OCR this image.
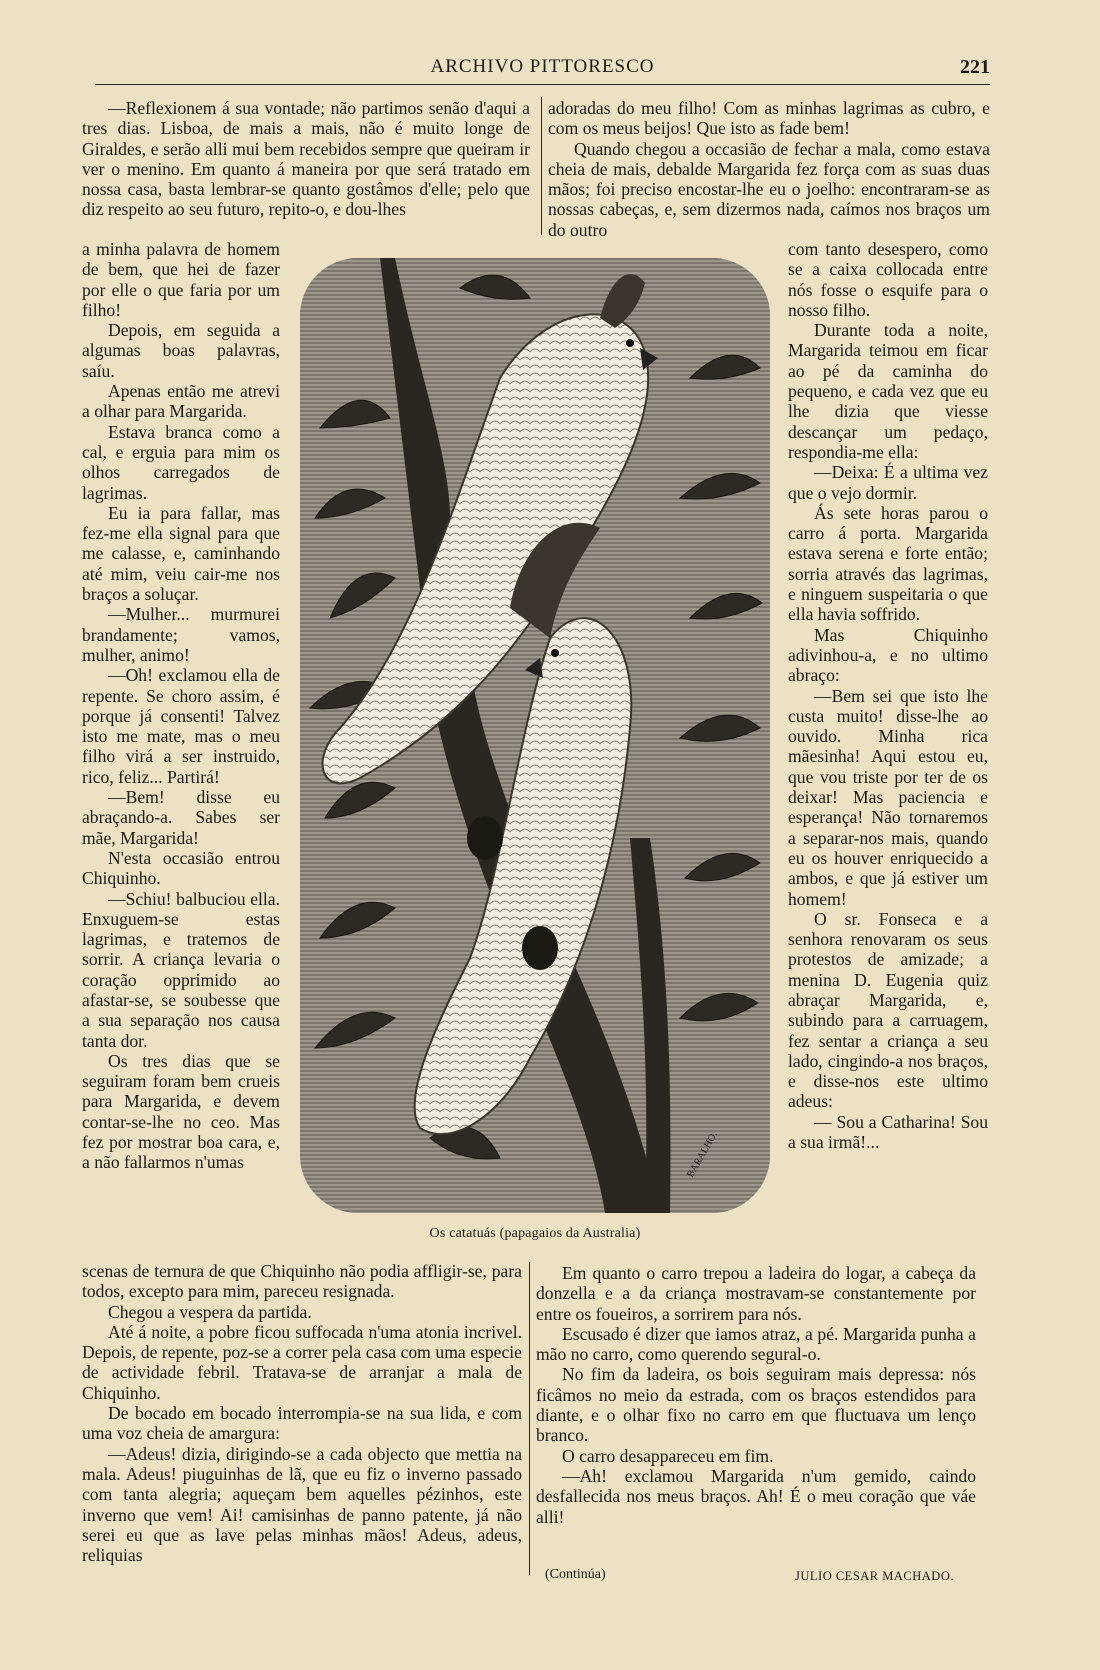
ARCHIVO PITTORESCO	221

—Reflexionem á sua vontade; não partimos senão d'aqui a tres dias. Lisboa, de mais a mais, não é muito longe de Giraldes, e serão alli mui bem recebidos sempre que queiram ir ver o menino. Em quanto á maneira por que será tratado em nossa casa, basta lembrar-se quanto gostâmos d'elle; pelo que diz respeito ao seu futuro, repito-o, e dou-lhes

a minha palavra de homem de bem, que hei de fazer por elle o que faria por um filho!

Depois, em seguida a algumas boas palavras, saíu.

Apenas então me atrevi a olhar para Margarida.

Estava branca como a cal, e erguia para mim os olhos carregados de lagrimas.

Eu ia para fallar, mas fez-me ella signal para que me calasse, e, caminhando até mim, veiu cair-me nos braços a soluçar.

—Mulher... murmurei brandamente; vamos, mulher, animo!

—Oh! exclamou ella de repente. Se choro assim, é porque já consenti! Talvez isto me mate, mas o meu filho virá a ser instruido, rico, feliz... Partirá!

—Bem! disse eu abraçando-a. Sabes ser mãe, Margarida!

N'esta occasião entrou Chiquinho.

—Schiu! balbuciou ella. Enxuguem-se estas lagrimas, e tratemos de sorrir. A criança levaria o coração opprimido ao afastar-se, se soubesse que a sua separação nos causa tanta dor.

Os tres dias que se seguiram foram bem crueis para Margarida, e devem contar-se-lhe no ceo. Mas fez por mostrar boa cara, e, a não fallarmos n'umas

scenas de ternura de que Chiquinho não podia affligir-se, para todos, excepto para mim, pareceu resignada.

Chegou a vespera da partida.

Até á noite, a pobre ficou suffocada n'uma atonia incrivel. Depois, de repente, poz-se a correr pela casa com uma especie de actividade febril. Tratava-se de arranjar a mala de Chiquinho.

De bocado em bocado interrompia-se na sua lida, e com uma voz cheia de amargura:

—Adeus! dizia, dirigindo-se a cada objecto que mettia na mala. Adeus! piuguinhas de lã, que eu fiz o inverno passado com tanta alegria; aqueçam bem aquelles pézinhos, este inverno que vem! Ai! camisinhas de panno patente, já não serei eu que as lave pelas minhas mãos! Adeus, adeus, reliquias

adoradas do meu filho! Com as minhas lagrimas as cubro, e com os meus beijos! Que isto as fade bem!

Quando chegou a occasião de fechar a mala, como estava cheia de mais, debalde Margarida fez força com as suas duas mãos; foi preciso encostar-lhe eu o joelho: encontraram-se as nossas cabeças, e, sem dizermos nada, caímos nos braços um do outro

com tanto desespero, como se a caixa collocada entre nós fosse o esquife para o nosso filho.

Durante toda a noite, Margarida teimou em ficar ao pé da caminha do pequeno, e cada vez que eu lhe dizia que viesse descançar um pedaço, respondia-me ella:

—Deixa: É a ultima vez que o vejo dormir.

Ás sete horas parou o carro á porta. Margarida estava serena e forte então; sorria através das lagrimas, e ninguem suspeitaria o que ella havia soffrido.

Mas Chiquinho adivinhou-a, e no ultimo abraço:

—Bem sei que isto lhe custa muito! disse-lhe ao ouvido. Minha rica mãesinha! Aqui estou eu, que vou triste por ter de os deixar! Mas paciencia e esperança! Não tornaremos a separar-nos mais, quando eu os houver enriquecido a ambos, e que já estiver um homem!

O sr. Fonseca e a senhora renovaram os seus protestos de amizade; a menina D. Eugenia quiz abraçar Margarida, e, subindo para a carruagem, fez sentar a criança a seu lado, cingindo-a nos braços, e disse-nos este ultimo adeus:

— Sou a Catharina! Sou a sua irmã!...

Em quanto o carro trepou a ladeira do logar, a cabeça da donzella e a da criança mostravam-se constantemente por entre os foueiros, a sorrirem para nós.

Escusado é dizer que iamos atraz, a pé. Margarida punha a mão no carro, como querendo segural-o.

No fim da ladeira, os bois seguiram mais depressa: nós ficâmos no meio da estrada, com os braços estendidos para diante, e o olhar fixo no carro em que fluctuava um lenço branco.

O carro desappareceu em fim.

—Ah! exclamou Margarida n'um gemido, caindo desfallecida nos meus braços. Ah! É o meu coração que váe alli!

BARALHO.
Os catatuás (papagaios da Australia)
(Continúa)	JULIO CESAR MACHADO.
